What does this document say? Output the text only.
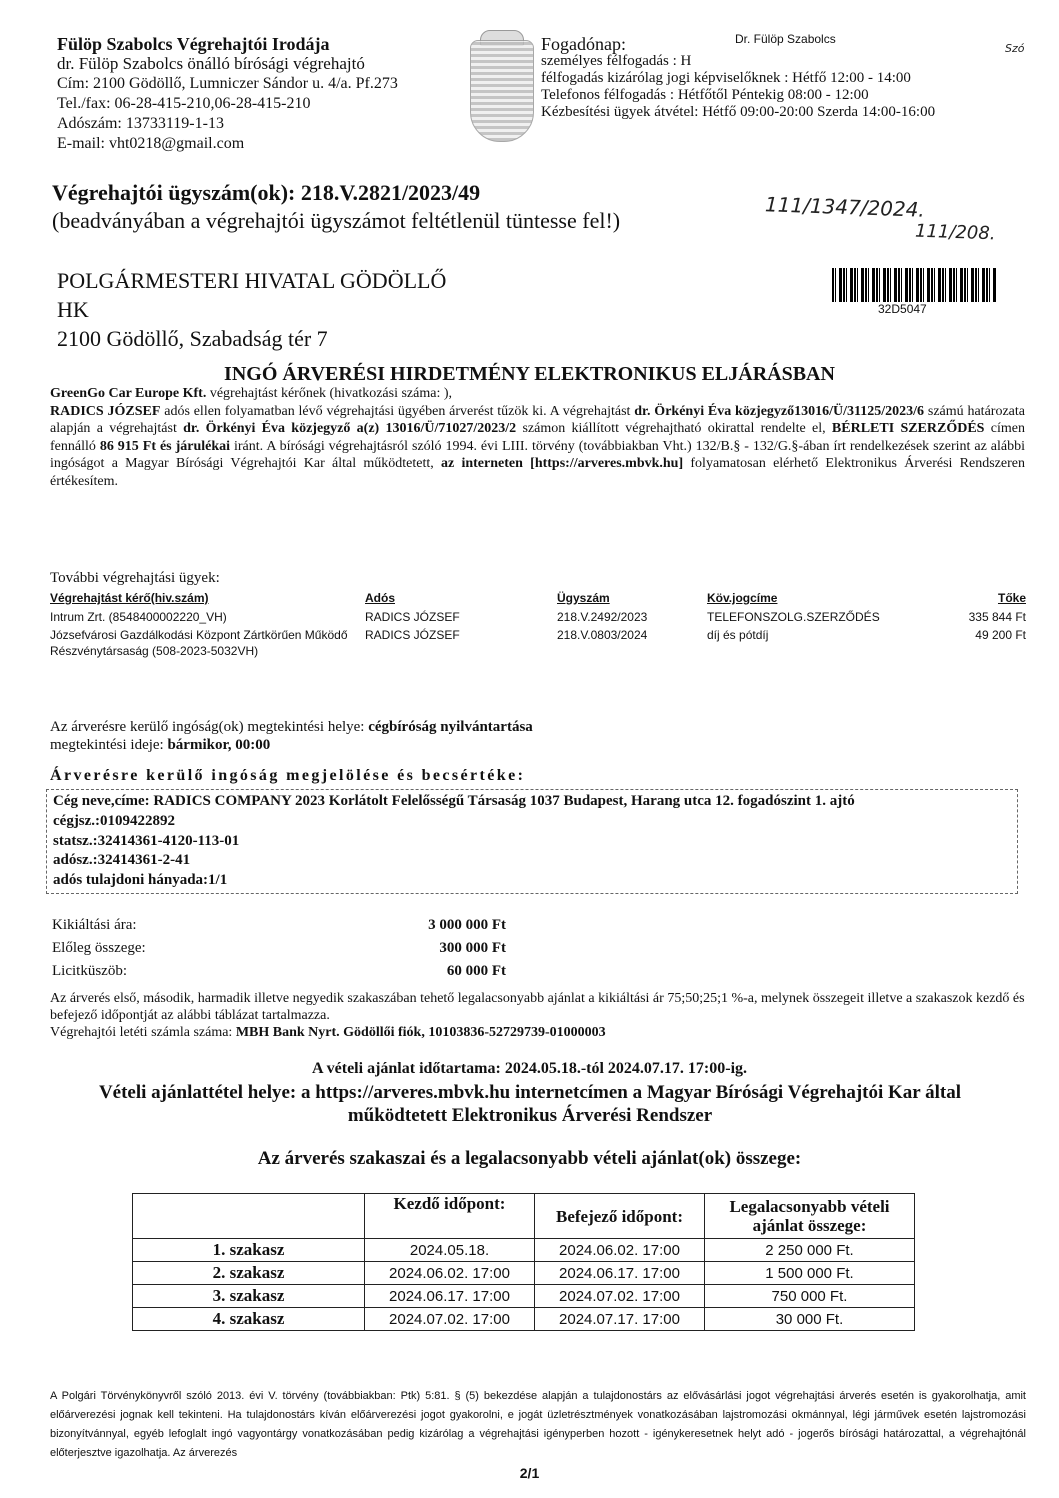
Fülöp Szabolcs Végrehajtói Irodája
dr. Fülöp Szabolcs önálló bírósági végrehajtó
Cím: 2100 Gödöllő, Lumniczer Sándor u. 4/a. Pf.273
Tel./fax: 06-28-415-210,06-28-415-210
Adószám: 13733119-1-13
E-mail: vht0218@gmail.com
Fogadónap:
személyes félfogadás : H
félfogadás kizárólag jogi képviselőknek : Hétfő 12:00 - 14:00
Telefonos félfogadás : Hétfőtől Péntekig 08:00 - 12:00
Kézbesítési ügyek átvétel: Hétfő 09:00-20:00 Szerda 14:00-16:00
Dr. Fülöp Szabolcs
Szó
Végrehajtói ügyszám(ok): 218.V.2821/2023/49
(beadványában a végrehajtói ügyszámot feltétlenül tüntesse fel!)	111/1347/2024.
111/208.
POLGÁRMESTERI HIVATAL GÖDÖLLŐ
HK
2100 Gödöllő, Szabadság tér 7
32D5047
INGÓ ÁRVERÉSI HIRDETMÉNY ELEKTRONIKUS ELJÁRÁSBAN
GreenGo Car Europe Kft. végrehajtást kérőnek (hivatkozási száma: ),
RADICS JÓZSEF adós ellen folyamatban lévő végrehajtási ügyében árverést tűzök ki. A végrehajtást dr. Örkényi Éva közjegyző13016/Ü/31125/2023/6 számú határozata alapján a végrehajtást dr. Örkényi Éva közjegyző a(z) 13016/Ü/71027/2023/2 számon kiállított végrehajtható okirattal rendelte el, BÉRLETI SZERZŐDÉS címen fennálló 86 915 Ft és járulékai iránt. A bírósági végrehajtásról szóló 1994. évi LIII. törvény (továbbiakban Vht.) 132/B.§ - 132/G.§-ában írt rendelkezések szerint az alábbi ingóságot a Magyar Bírósági Végrehajtói Kar által működtetett, az interneten [https://arveres.mbvk.hu] folyamatosan elérhető Elektronikus Árverési Rendszeren értékesítem.
További végrehajtási ügyek:
Végrehajtást kérő(hiv.szám)	Adós	Ügyszám	Köv.jogcíme	Tőke
Intrum Zrt. (8548400002220_VH)	RADICS JÓZSEF	218.V.2492/2023	TELEFONSZOLG.SZERZŐDÉS	335 844 Ft
Józsefvárosi Gazdálkodási Központ Zártkörűen Működő Részvénytársaság (508-2023-5032VH)	RADICS JÓZSEF	218.V.0803/2024	díj és pótdíj	49 200 Ft
Az árverésre kerülő ingóság(ok) megtekintési helye: cégbíróság nyilvántartása
megtekintési ideje: bármikor, 00:00
Árverésre kerülő ingóság megjelölése és becsértéke:
Cég neve,címe: RADICS COMPANY 2023 Korlátolt Felelősségű Társaság 1037 Budapest, Harang utca 12. fogadószint 1. ajtó
cégjsz.:0109422892
statsz.:32414361-4120-113-01
adósz.:32414361-2-41
adós tulajdoni hányada:1/1
Kikiáltási ára:	3 000 000 Ft
Előleg összege:	300 000 Ft
Licitküszöb:	60 000 Ft
Az árverés első, második, harmadik illetve negyedik szakaszában tehető legalacsonyabb ajánlat a kikiáltási ár 75;50;25;1 %-a, melynek összegeit illetve a szakaszok kezdő és befejező időpontját az alábbi táblázat tartalmazza.
Végrehajtói letéti számla száma: MBH Bank Nyrt. Gödöllői fiók, 10103836-52729739-01000003
A vételi ajánlat időtartama: 2024.05.18.-tól 2024.07.17. 17:00-ig.
Vételi ajánlattétel helye: a https://arveres.mbvk.hu internetcímen a Magyar Bírósági Végrehajtói Kar által működtetett Elektronikus Árverési Rendszer
Az árverés szakaszai és a legalacsonyabb vételi ajánlat(ok) összege:
	Kezdő időpont:	Befejező időpont:	Legalacsonyabb vételi ajánlat összege:
1. szakasz	2024.05.18.	2024.06.02. 17:00	2 250 000 Ft.
2. szakasz	2024.06.02. 17:00	2024.06.17. 17:00	1 500 000 Ft.
3. szakasz	2024.06.17. 17:00	2024.07.02. 17:00	750 000 Ft.
4. szakasz	2024.07.02. 17:00	2024.07.17. 17:00	30 000 Ft.
A Polgári Törvénykönyvről szóló 2013. évi V. törvény (továbbiakban: Ptk) 5:81. § (5) bekezdése alapján a tulajdonostárs az elővásárlási jogot végrehajtási árverés esetén is gyakorolhatja, amit előárverezési jognak kell tekinteni. Ha tulajdonostárs kíván előárverezési jogot gyakorolni, e jogát üzletrésztmények vonatkozásában lajstromozási okmánnyal, légi járművek esetén lajstromozási bizonyítvánnyal, egyéb lefoglalt ingó vagyontárgy vonatkozásában pedig kizárólag a végrehajtási igényperben hozott - igénykeresetnek helyt adó - jogerős bírósági határozattal, a végrehajtónál előterjesztve igazolhatja. Az árverezés
2/1
